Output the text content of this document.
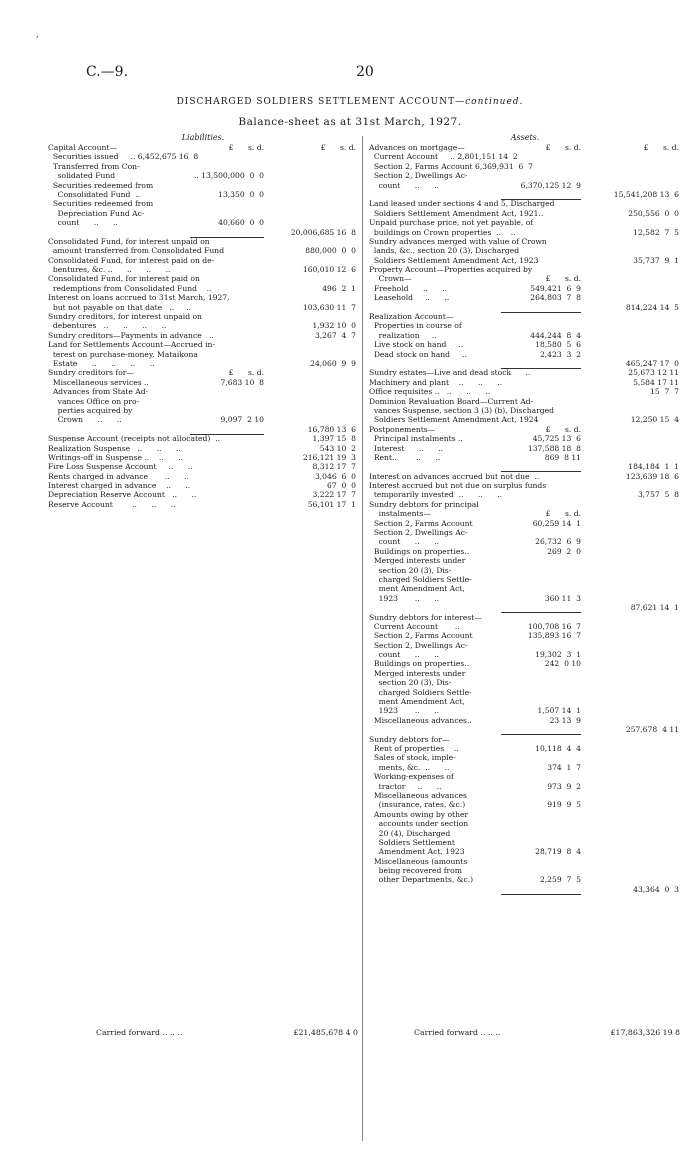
,
C.—9.	20
DISCHARGED SOLDIERS SETTLEMENT ACCOUNT—continued.
Balance-sheet as at 31st March, 1927.
Liabilities.
Capital Account—	£      s. d.	£      s. d.
Securities issued     .. 6,452,675 16  8
Transferred from Con-
solidated Fund	.. 13,500,000  0  0
Securities redeemed from
Consolidated Fund  ..	13,350  0  0
Securities redeemed from
Depreciation Fund Ac-
count      ..      ..	40,660  0  0
20,006,685 16  8
Consolidated Fund, for interest unpaid on
amount transferred from Consolidated Fund	880,000  0  0
Consolidated Fund, for interest paid on de-
bentures, &c. ..      ..      ..      ..	160,010 12  6
Consolidated Fund, for interest paid on
redemptions from Consolidated Fund    ..	496  2  1
Interest on loans accrued to 31st March, 1927,
but not payable on that date   ..     ..	103,630 11  7
Sundry creditors, for interest unpaid on
debentures   ..      ..      ..      ..	1,932 10  0
Sundry creditors—Payments in advance   ..	3,267  4  7
Land for Settlements Account—Accrued in-
terest on purchase-money, Mataikona
Estate      ..      ..      ..      ..	24,060  9  9
Sundry creditors for—	£      s. d.
Miscellaneous services ..	7,683 10  8
Advances from State Ad-
vances Office on pro-
perties acquired by
Crown      ..      ..	9,097  2 10
16,780 13  6
Suspense Account (receipts not allocated)  ..	1,397 15  8
Realization Suspense   ..      ..      ..	543 10  2
Writings-off in Suspense ..    ..      ..	216,121 19  3
Fire Loss Suspense Account     ..      ..	8,312 17  7
Rents charged in advance       ..      ..	3,046  6  0
Interest charged in advance    ..      ..	67  0  0
Depreciation Reserve Account   ..      ..	3,222 17  7
Reserve Account        ..      ..      ..	56,101 17  1
Assets.
Advances on mortgage—	£      s. d.	£      s. d.
Current Account     .. 2,801,151 14  2
Section 2, Farms Account 6,369,931  6  7
Section 2, Dwellings Ac-
count      ..      ..	6,370,125 12  9
15,541,208 13  6
Land leased under sections 4 and 5, Discharged
Soldiers Settlement Amendment Act, 1921..	250,556  0  0
Unpaid purchase price, not yet payable, of
buildings on Crown properties  ..    ..	12,582  7  5
Sundry advances merged with value of Crown
lands, &c., section 20 (3), Discharged
Soldiers Settlement Amendment Act, 1923	35,737  9  1
Property Account—Properties acquired by
Crown—	£      s. d.
Freehold      ..      ..	549,421  6  9
Leasehold     ..      ..	264,803  7  8
814,224 14  5
Realization Account—
Properties in course of
realization     ..	444,244  8  4
Live stock on hand     ..	18,580  5  6
Dead stock on hand     ..	2,423  3  2
465,247 17  0
Sundry estates—Live and dead stock      ..	25,673 12 11
Machinery and plant    ..      ..      ..	5,584 17 11
Office requisites ..   ..      ..      ..	15  7  7
Dominion Revaluation Board—Current Ad-
vances Suspense, section 3 (3) (b), Discharged
Soldiers Settlement Amendment Act, 1924	12,250 15  4
Postponements—	£      s. d.
Principal instalments ..	45,725 13  6
Interest      ..      ..	137,588 18  8
Rent..        ..      ..	869  8 11
184,184  1  1
Interest on advances accrued but not due  ..	123,639 18  6
Interest accrued but not due on surplus funds
temporarily invested  ..      ..      ..	3,757  5  8
Sundry debtors for principal
instalments—	£      s. d.
Section 2, Farms Account	60,259 14  1
Section 2, Dwellings Ac-
count      ..      ..	26,732  6  9
Buildings on properties..	269  2  0
Merged interests under
section 20 (3), Dis-
charged Soldiers Settle-
ment Amendment Act,
1923       ..      ..	360 11  3
87,621 14  1
Sundry debtors for interest—
Current Account       ..	100,708 16  7
Section 2, Farms Account	135,893 16  7
Section 2, Dwellings Ac-
count      ..      ..	19,302  3  1
Buildings on properties..	242  0 10
Merged interests under
section 20 (3), Dis-
charged Soldiers Settle-
ment Amendment Act,
1923       ..      ..	1,507 14  1
Miscellaneous advances..	23 13  9
257,678  4 11
Sundry debtors for—
Rent of properties    ..	10,118  4  4
Sales of stock, imple-
ments, &c.  ..      ..	374  1  7
Working-expenses of
tractor     ..      ..	973  9  2
Miscellaneous advances
(insurance, rates, &c.)	919  9  5
Amounts owing by other
accounts under section
20 (4), Discharged
Soldiers Settlement
Amendment Act, 1923	28,719  8  4
Miscellaneous (amounts
being recovered from
other Departments, &c.)	2,259  7  5
43,364  0  3
Carried forward .. .. ..	£21,485,678 4 0	Carried forward .. .. ..	£17,863,326 19 8
